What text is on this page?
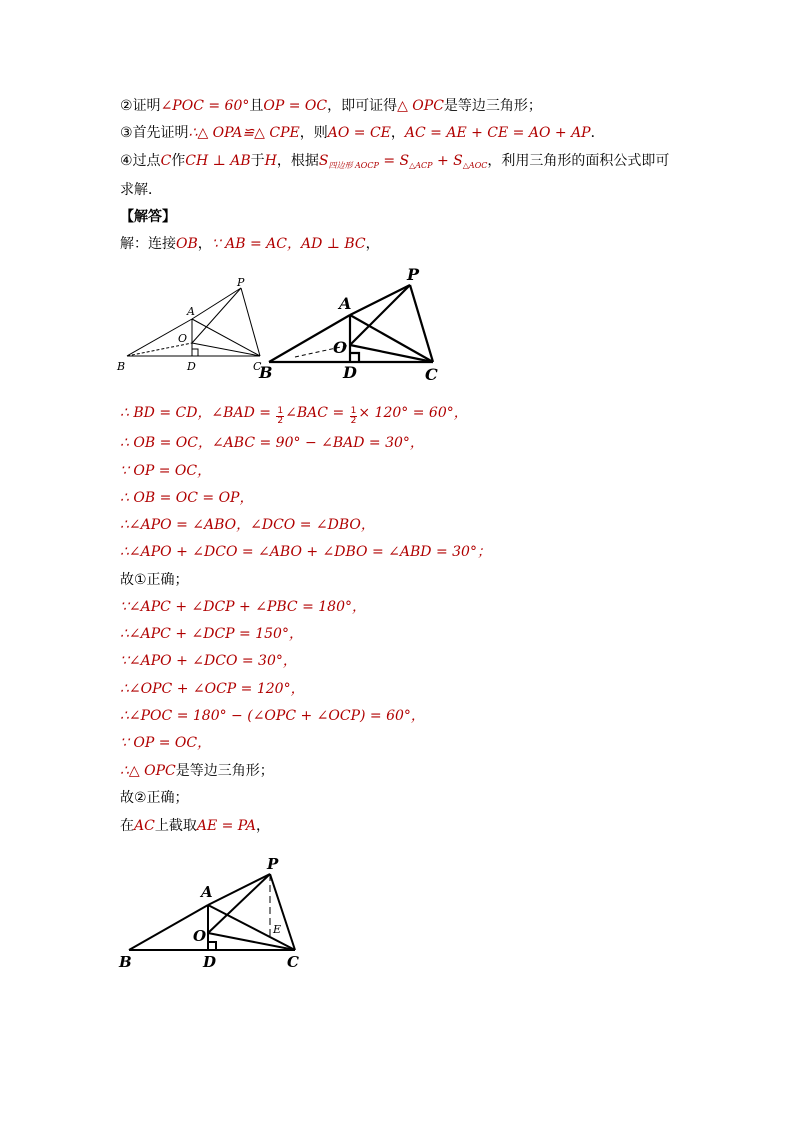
②证明∠POC = 60°且OP = OC，即可证得△ OPC是等边三角形；
③首先证明∴△ OPA≌△ CPE，则AO = CE，AC = AE + CE = AO + AP．
④过点C作CH ⊥ AB于H，根据$S_{四边形 AOCP} = S_{\triangle ACP} + S_{\triangle AOC}$，利用三角形的面积公式即可
求解．
【解答】
解：连接OB，∵ AB = AC，AD ⊥ BC，
A
P
O
B	D	C
A
P
O
B	D	C
∴ BD = CD，∠BAD = $\frac{1}{2}$ ∠BAC = $\frac{1}{2} \times 120^\circ = 60^\circ$，
∴ OB = OC，∠ABC = 90° − ∠BAD = 30°，
∵ OP = OC，
∴ OB = OC = OP，
∴∠APO = ∠ABO，∠DCO = ∠DBO，
∴∠APO + ∠DCO = ∠ABO + ∠DBO = ∠ABD = 30°；
故①正确；
∵∠APC + ∠DCP + ∠PBC = 180°，
∴∠APC + ∠DCP = 150°，
∵∠APO + ∠DCO = 30°，
∴∠OPC + ∠OCP = 120°，
∴∠POC = 180° − (∠OPC + ∠OCP) = 60°，
∵ OP = OC，
∴△ OPC是等边三角形；
故②正确；
在AC上截取AE = PA，
A
P
O	E
B	D	C
